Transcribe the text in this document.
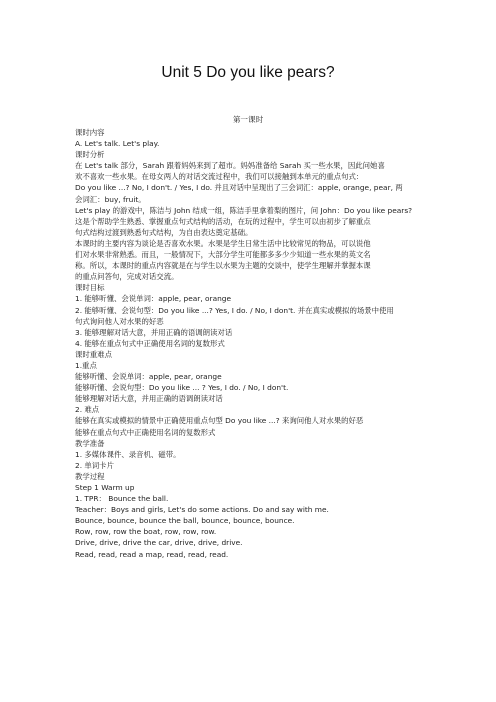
Unit 5 Do you like pears?
第一课时
课时内容
A. Let's talk. Let's play.
课时分析
在 Let's talk 部分，Sarah 跟着妈妈来到了超市。妈妈准备给 Sarah 买一些水果，因此问她喜
欢不喜欢一些水果。在母女两人的对话交流过程中，我们可以接触到本单元的重点句式：
Do you like ...? No, I don't. / Yes, I do. 并且对话中呈现出了三会词汇：apple, orange, pear, 两
会词汇：buy, fruit。
Let's play 的游戏中，陈洁与 John 结成一组，陈洁手里拿着梨的图片，问 John：Do you like pears?
这是个帮助学生熟悉、掌握重点句式结构的活动，在玩的过程中，学生可以由初步了解重点
句式结构过渡到熟悉句式结构，为自由表达奠定基础。
本课时的主要内容为谈论是否喜欢水果。水果是学生日常生活中比较常见的物品，可以说他
们对水果非常熟悉。而且，一般情况下，大部分学生可能都多多少少知道一些水果的英文名
称。所以，本课时的重点内容就是在与学生以水果为主题的交谈中，使学生理解并掌握本课
的重点问答句，完成对话交流。
课时目标
1. 能够听懂、会说单词：apple, pear, orange
2. 能够听懂、会说句型：Do you like ...? Yes, I do. / No, I don't. 并在真实或模拟的场景中使用
句式询问他人对水果的好恶
3. 能够理解对话大意，并用正确的语调朗读对话
4. 能够在重点句式中正确使用名词的复数形式
课时重难点
1.重点
能够听懂、会说单词：apple, pear, orange
能够听懂、会说句型：Do you like ... ? Yes, I do. / No, I don't.
能够理解对话大意，并用正确的语调朗读对话
2. 难点
能够在真实或模拟的情景中正确使用重点句型 Do you like ...? 来询问他人对水果的好恶
能够在重点句式中正确使用名词的复数形式
教学准备
1. 多媒体课件、录音机、磁带。
2. 单词卡片
教学过程
Step 1 Warm up
1. TPR： Bounce the ball.
Teacher：Boys and girls, Let's do some actions. Do and say with me.
Bounce, bounce, bounce the ball, bounce, bounce, bounce.
Row, row, row the boat, row, row, row.
Drive, drive, drive the car, drive, drive, drive.
Read, read, read a map, read, read, read.
